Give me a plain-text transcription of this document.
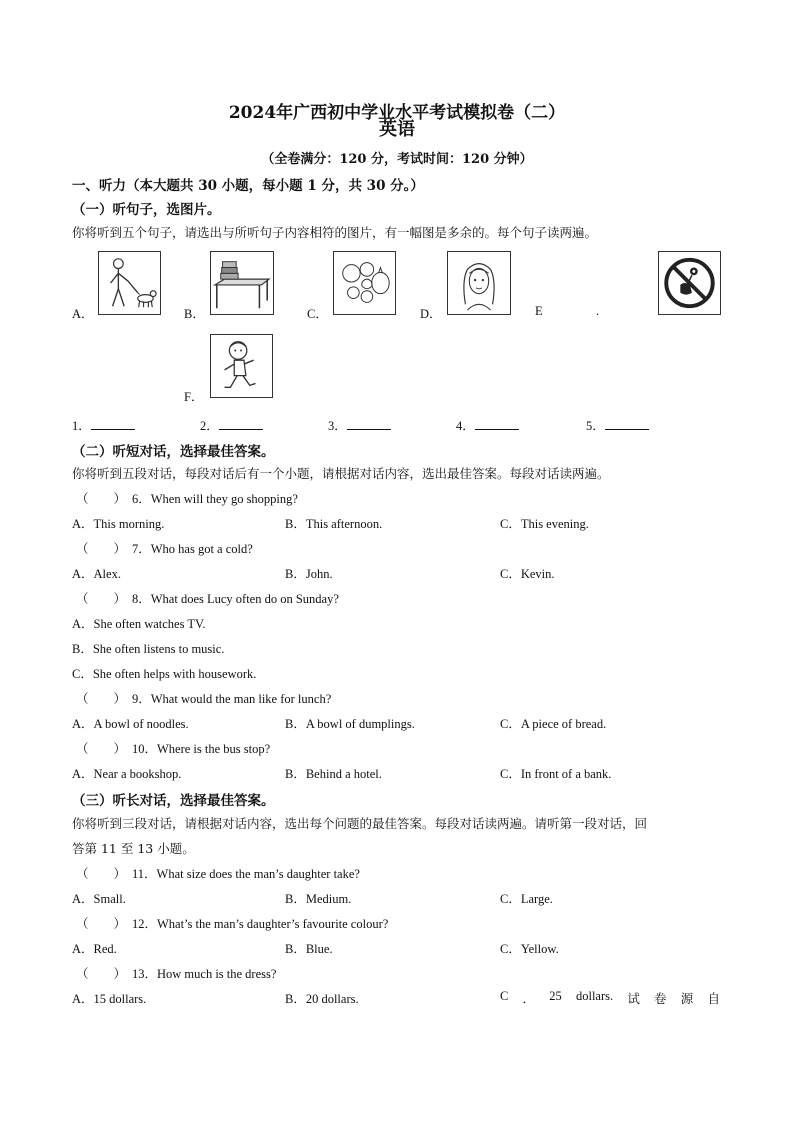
2024年广西初中学业水平考试模拟卷（二）
英语
（全卷满分：120 分，考试时间：120 分钟）
一、听力（本大题共 30 小题，每小题 1 分，共 30 分。）
（一）听句子，选图片。
你将听到五个句子，请选出与所听句子内容相符的图片，有一幅图是多余的。每个句子读两遍。
A．	B．	C．	D．	E	.
F．
1．	2．	3．	4．	5．
（二）听短对话，选择最佳答案。
你将听到五段对话，每段对话后有一个小题，请根据对话内容，选出最佳答案。每段对话读两遍。
（　　） 6．When will they go shopping?
A．This morning.	B．This afternoon.	C．This evening.
（　　） 7．Who has got a cold?
A．Alex.	B．John.	C．Kevin.
（　　） 8．What does Lucy often do on Sunday?
A．She often watches TV.
B．She often listens to music.
C．She often helps with housework.
（　　） 9．What would the man like for lunch?
A．A bowl of noodles.	B．A bowl of dumplings.	C．A piece of bread.
（　　） 10．Where is the bus stop?
A．Near a bookshop.	B．Behind a hotel.	C．In front of a bank.
（三）听长对话，选择最佳答案。
你将听到三段对话，请根据对话内容，选出每个问题的最佳答案。每段对话读两遍。请听第一段对话，回
答第 11 至 13 小题。
（　　） 11．What size does the man’s daughter take?
A．Small.	B．Medium.	C．Large.
（　　） 12．What’s the man’s daughter’s favourite colour?
A．Red.	B．Blue.	C．Yellow.
（　　） 13．How much is the dress?
A．15 dollars.	B．20 dollars.	C ． 25 dollars. 试 卷 源 自
